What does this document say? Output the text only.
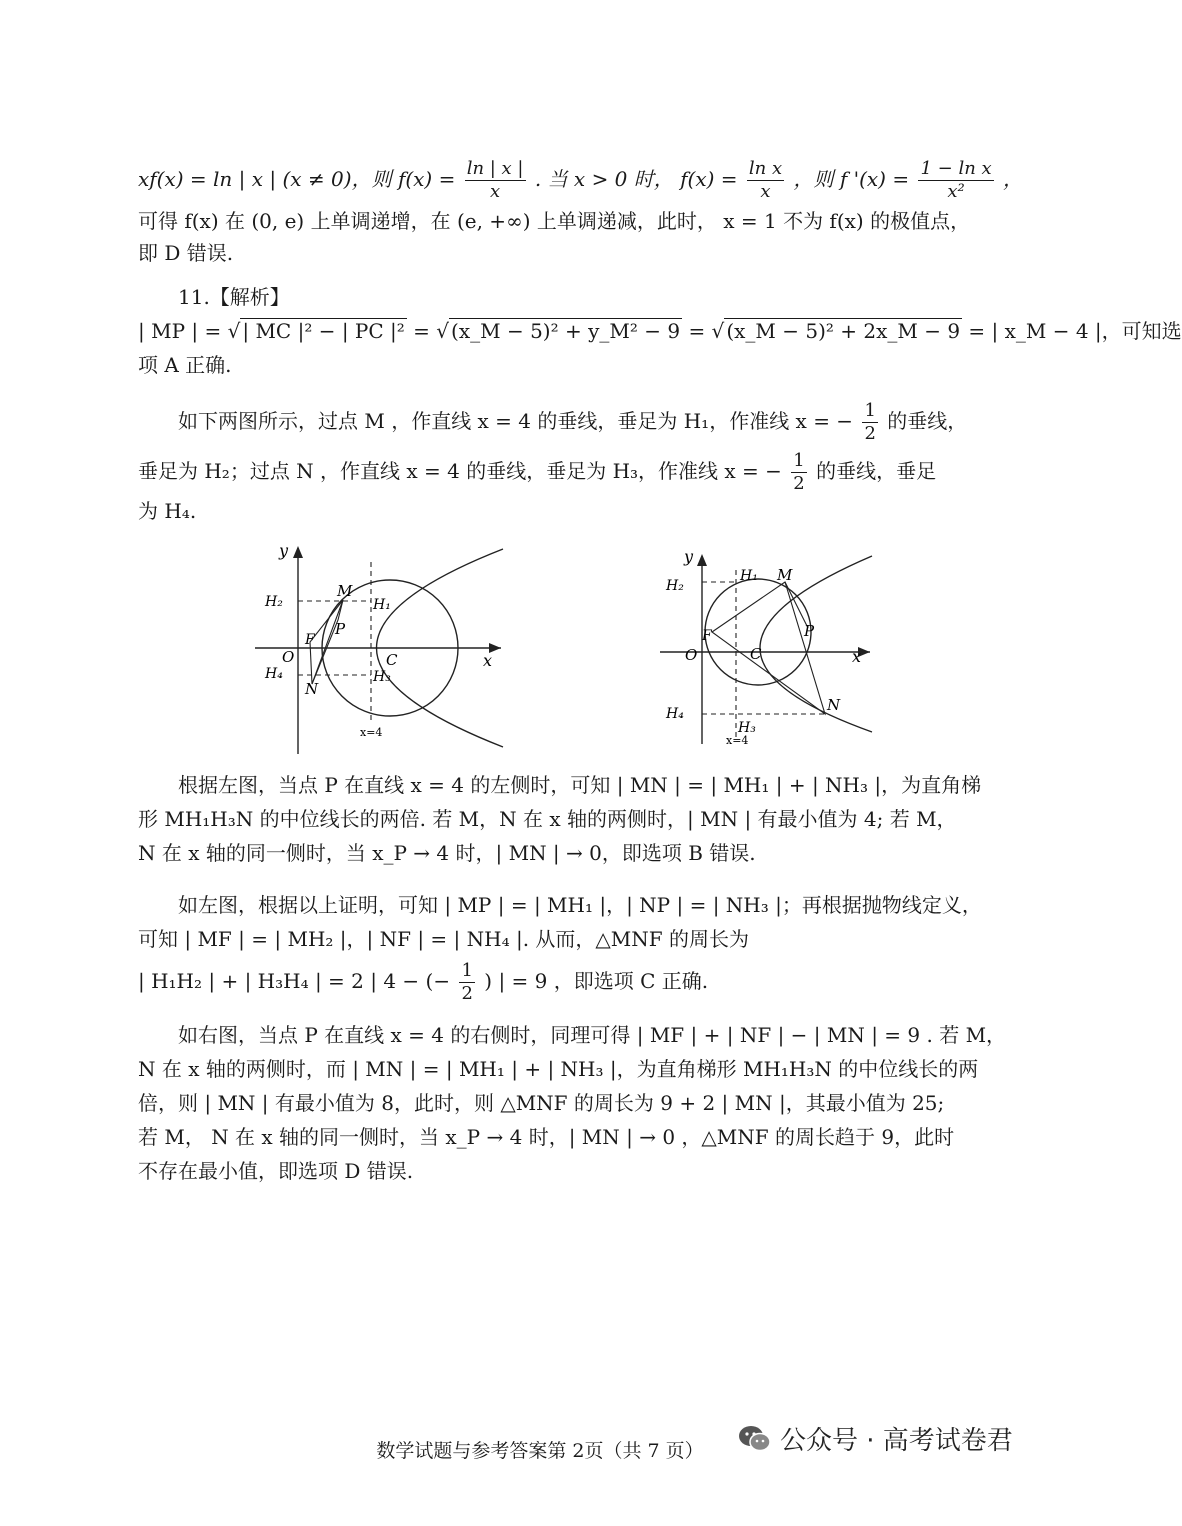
xf(x) = ln | x | (x ≠ 0)，则 $f(x) = \frac{\ln | x |}{x}$ . 当 x > 0 时， $f(x) = \frac{\text{ln x}}{x}$ ，则 f '$(x) = \frac{\text{1 − ln x}}{\text{x²}}$ ，
可得 f(x) 在 (0, e) 上单调递增，在 (e, +∞) 上单调递减，此时， x = 1 不为 f(x) 的极值点，
即 D 错误.
11.【解析】
| MP | = √ | MC |² − | PC |² = √ (x_M − 5)² + y_M² − 9 = √ (x_M − 5)² + 2x_M − 9 = | x_M − 4 |，可知选
项 A 正确.
如下两图所示，过点 M ，作直线 x = 4 的垂线，垂足为 H₁，作准线 x = − $\frac{1}{2}$ 的垂线，
垂足为 H₂；过点 N ，作直线 x = 4 的垂线，垂足为 H₃，作准线 x = − $\frac{1}{2}$ 的垂线，垂足
为 H₄.
y
x
O
F
M
N
P
C
H₂	H₁
H₄	H₃
x=4
y
x
O
F
M
N
P
C
H₂
H₁
H₄
H₃
x=4
根据左图，当点 P 在直线 x = 4 的左侧时，可知 | MN | = | MH₁ | + | NH₃ |，为直角梯
形 MH₁H₃N 的中位线长的两倍. 若 M，N 在 x 轴的两侧时，| MN | 有最小值为 4; 若 M，
N 在 x 轴的同一侧时，当 x_P → 4 时，| MN | → 0，即选项 B 错误.
如左图，根据以上证明，可知 | MP | = | MH₁ |，| NP | = | NH₃ |；再根据抛物线定义，
可知 | MF | = | MH₂ |，| NF | = | NH₄ |. 从而，△MNF 的周长为
| H₁H₂ | + | H₃H₄ | = 2 | 4 − (− $\frac{1}{2}$ ) | = 9 ，即选项 C 正确.
如右图，当点 P 在直线 x = 4 的右侧时，同理可得 | MF | + | NF | − | MN | = 9 . 若 M，
N 在 x 轴的两侧时，而 | MN | = | MH₁ | + | NH₃ |，为直角梯形 MH₁H₃N 的中位线长的两
倍，则 | MN | 有最小值为 8，此时，则 △MNF 的周长为 9 + 2 | MN |，其最小值为 25;
若 M， N 在 x 轴的同一侧时，当 x_P → 4 时，| MN | → 0 ，△MNF 的周长趋于 9，此时
不存在最小值，即选项 D 错误.
数学试题与参考答案第 2页（共 7 页）	公众号 · 高考试卷君
